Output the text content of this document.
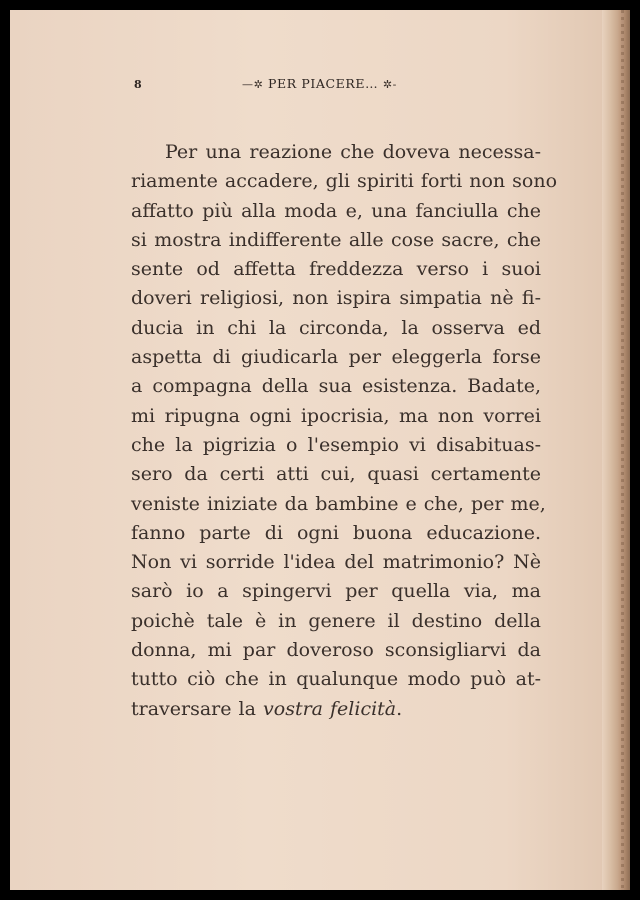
8	—✲ PER PIACERE… ✲-
Per una reazione che doveva necessa-
riamente accadere, gli spiriti forti non sono
affatto più alla moda e, una fanciulla che
si mostra indifferente alle cose sacre, che
sente od affetta freddezza verso i suoi
doveri religiosi, non ispira simpatia nè fi-
ducia in chi la circonda, la osserva ed
aspetta di giudicarla per eleggerla forse
a compagna della sua esistenza. Badate,
mi ripugna ogni ipocrisia, ma non vorrei
che la pigrizia o l'esempio vi disabituas-
sero da certi atti cui, quasi certamente
veniste iniziate da bambine e che, per me,
fanno parte di ogni buona educazione.
Non vi sorride l'idea del matrimonio? Nè
sarò io a spingervi per quella via, ma
poichè tale è in genere il destino della
donna, mi par doveroso sconsigliarvi da
tutto ciò che in qualunque modo può at-
traversare la vostra felicità.
